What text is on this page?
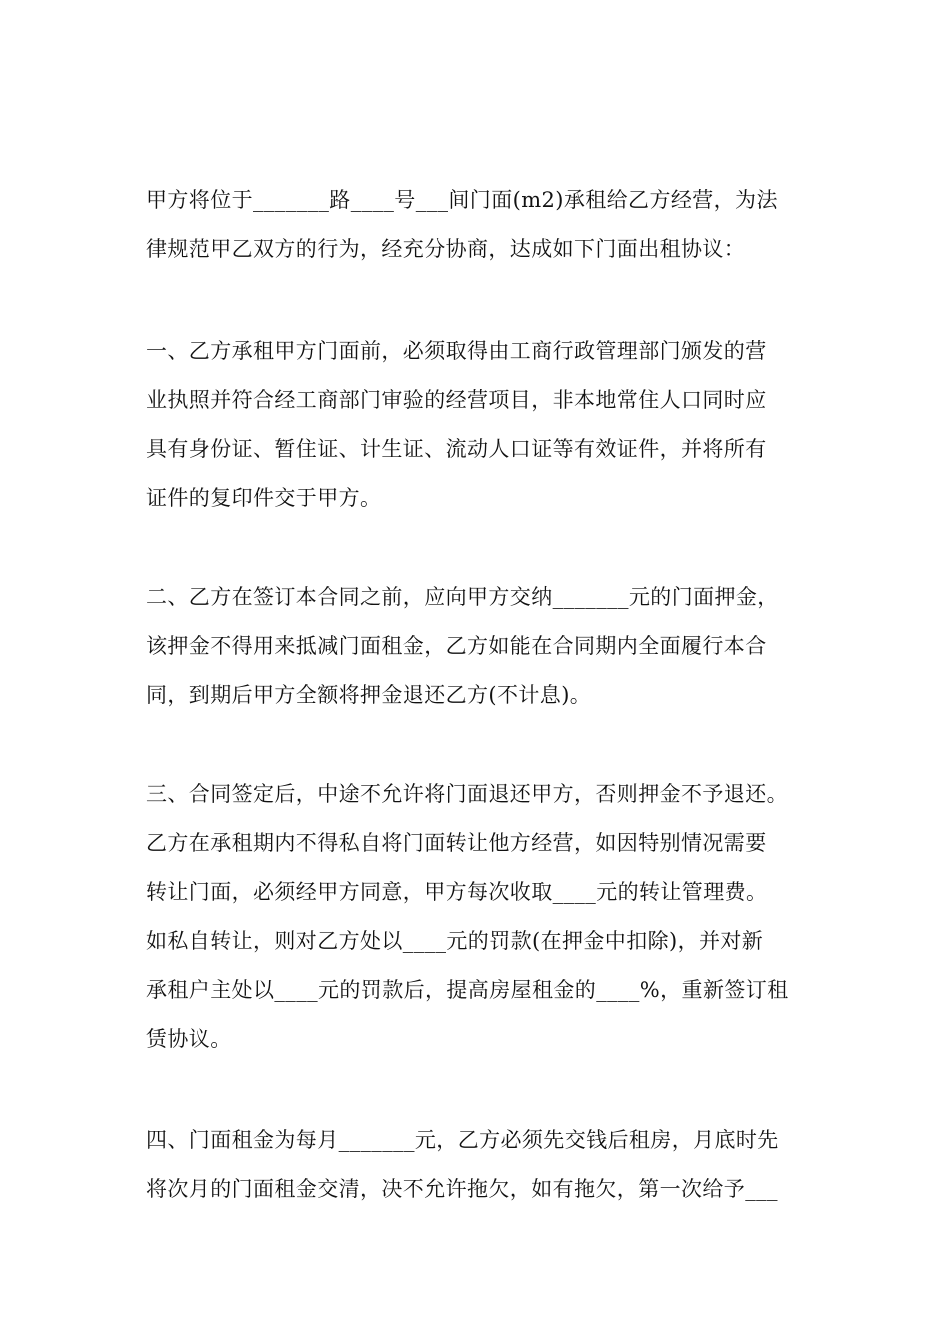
甲方将位于_______路____号___间门面(m2)承租给乙方经营，为法
律规范甲乙双方的行为，经充分协商，达成如下门面出租协议：
一、乙方承租甲方门面前，必须取得由工商行政管理部门颁发的营
业执照并符合经工商部门审验的经营项目，非本地常住人口同时应
具有身份证、暂住证、计生证、流动人口证等有效证件，并将所有
证件的复印件交于甲方。
二、乙方在签订本合同之前，应向甲方交纳_______元的门面押金，
该押金不得用来抵减门面租金，乙方如能在合同期内全面履行本合
同，到期后甲方全额将押金退还乙方(不计息)。
三、合同签定后，中途不允许将门面退还甲方，否则押金不予退还。
乙方在承租期内不得私自将门面转让他方经营，如因特别情况需要
转让门面，必须经甲方同意，甲方每次收取____元的转让管理费。
如私自转让，则对乙方处以____元的罚款(在押金中扣除)，并对新
承租户主处以____元的罚款后，提高房屋租金的____%，重新签订租
赁协议。
四、门面租金为每月_______元，乙方必须先交钱后租房，月底时先
将次月的门面租金交清，决不允许拖欠，如有拖欠，第一次给予___
